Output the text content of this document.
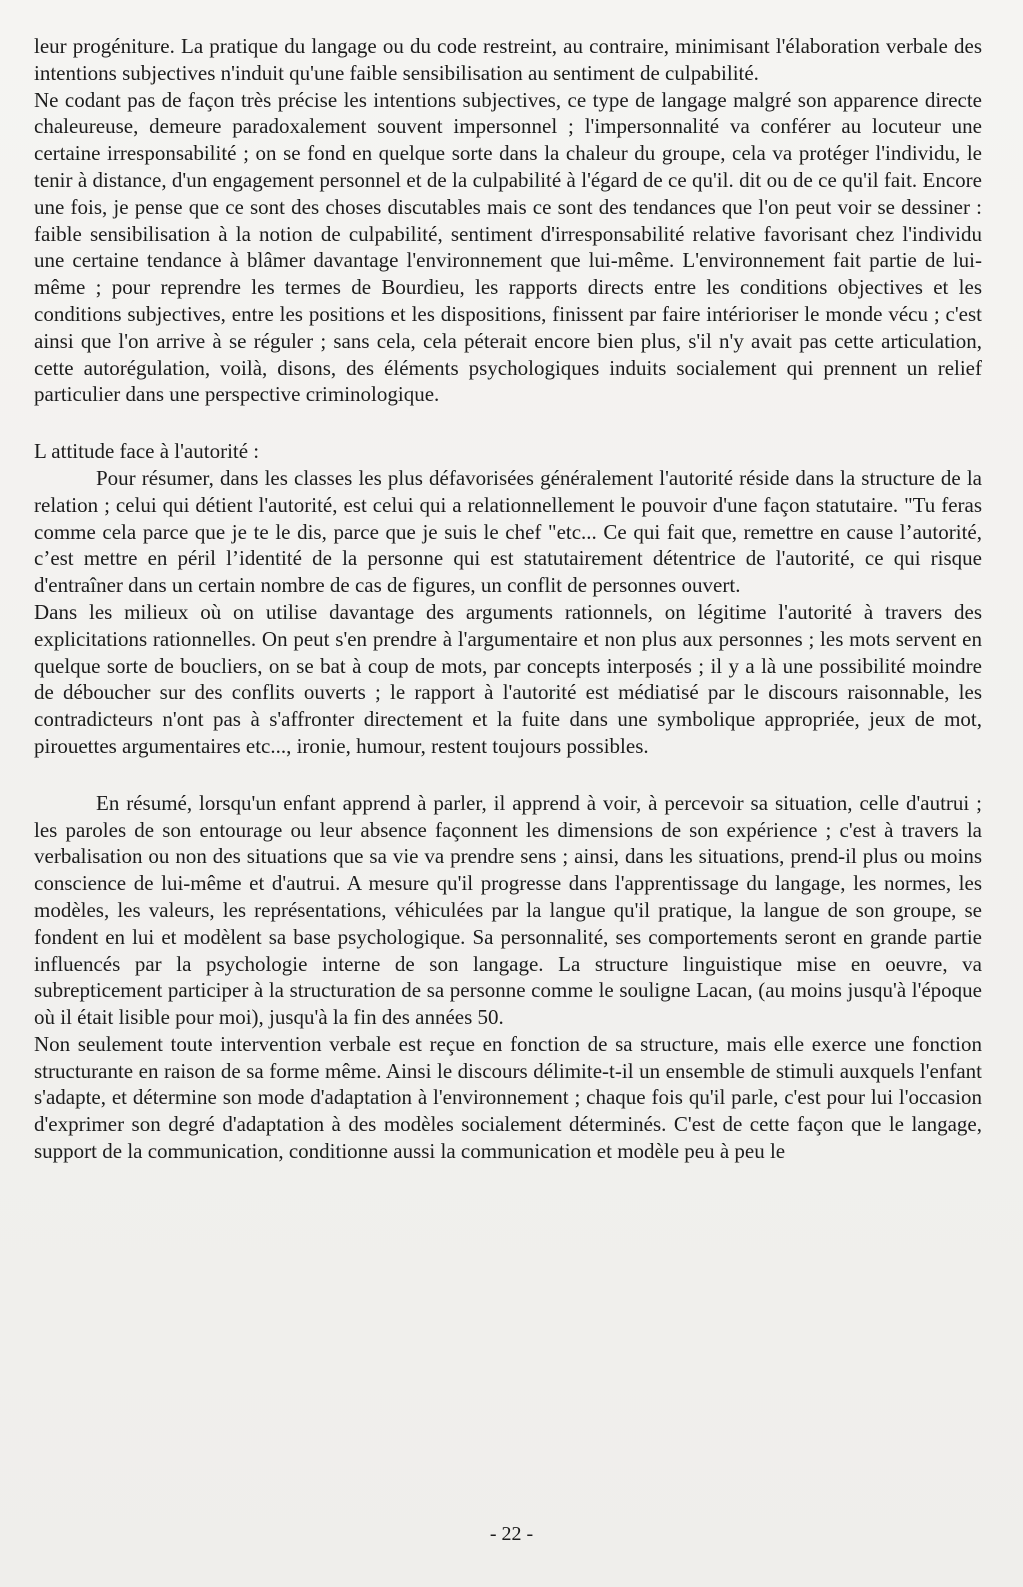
leur progéniture. La pratique du langage ou du code restreint, au contraire, minimisant l'élaboration verbale des intentions subjectives n'induit qu'une faible sensibilisation au sentiment de culpabilité.

Ne codant pas de façon très précise les intentions subjectives, ce type de langage malgré son apparence directe chaleureuse, demeure paradoxalement souvent impersonnel ; l'impersonnalité va conférer au locuteur une certaine irresponsabilité ; on se fond en quelque sorte dans la chaleur du groupe, cela va protéger l'individu, le tenir à distance, d'un engagement personnel et de la culpabilité à l'égard de ce qu'il. dit ou de ce qu'il fait. Encore une fois, je pense que ce sont des choses discutables mais ce sont des tendances que l'on peut voir se dessiner : faible sensibilisation à la notion de culpabilité, sentiment d'irresponsabilité relative favorisant chez l'individu une certaine tendance à blâmer davantage l'environnement que lui-même. L'environnement fait partie de lui-même ; pour reprendre les termes de Bourdieu, les rapports directs entre les conditions objectives et les conditions subjectives, entre les positions et les dispositions, finissent par faire intérioriser le monde vécu ; c'est ainsi que l'on arrive à se réguler ; sans cela, cela péterait encore bien plus, s'il n'y avait pas cette articulation, cette autorégulation, voilà, disons, des éléments psychologiques induits socialement qui prennent un relief particulier dans une perspective criminologique.

L attitude face à l'autorité :

Pour résumer, dans les classes les plus défavorisées généralement l'autorité réside dans la structure de la relation ; celui qui détient l'autorité, est celui qui a relationnellement le pouvoir d'une façon statutaire. "Tu feras comme cela parce que je te le dis, parce que je suis le chef "etc... Ce qui fait que, remettre en cause l’autorité, c’est mettre en péril l’identité de la personne qui est statutairement détentrice de l'autorité, ce qui risque d'entraîner dans un certain nombre de cas de figures, un conflit de personnes ouvert.

Dans les milieux où on utilise davantage des arguments rationnels, on légitime l'autorité à travers des explicitations rationnelles. On peut s'en prendre à l'argumentaire et non plus aux personnes ; les mots servent en quelque sorte de boucliers, on se bat à coup de mots, par concepts interposés ; il y a là une possibilité moindre de déboucher sur des conflits ouverts ; le rapport à l'autorité est médiatisé par le discours raisonnable, les contradicteurs n'ont pas à s'affronter directement et la fuite dans une symbolique appropriée, jeux de mot, pirouettes argumentaires etc..., ironie, humour, restent toujours possibles.

En résumé, lorsqu'un enfant apprend à parler, il apprend à voir, à percevoir sa situation, celle d'autrui ; les paroles de son entourage ou leur absence façonnent les dimensions de son expérience ; c'est à travers la verbalisation ou non des situations que sa vie va prendre sens ; ainsi, dans les situations, prend-il plus ou moins conscience de lui-même et d'autrui. A mesure qu'il progresse dans l'apprentissage du langage, les normes, les modèles, les valeurs, les représentations, véhiculées par la langue qu'il pratique, la langue de son groupe, se fondent en lui et modèlent sa base psychologique. Sa personnalité, ses comportements seront en grande partie influencés par la psychologie interne de son langage. La structure linguistique mise en oeuvre, va subrepticement participer à la structuration de sa personne comme le souligne Lacan, (au moins jusqu'à l'époque où il était lisible pour moi), jusqu'à la fin des années 50.

Non seulement toute intervention verbale est reçue en fonction de sa structure, mais elle exerce une fonction structurante en raison de sa forme même. Ainsi le discours délimite-t-il un ensemble de stimuli auxquels l'enfant s'adapte, et détermine son mode d'adaptation à l'environnement ; chaque fois qu'il parle, c'est pour lui l'occasion d'exprimer son degré d'adaptation à des modèles socialement déterminés. C'est de cette façon que le langage, support de la communication, conditionne aussi la communication et modèle peu à peu le

- 22 -
